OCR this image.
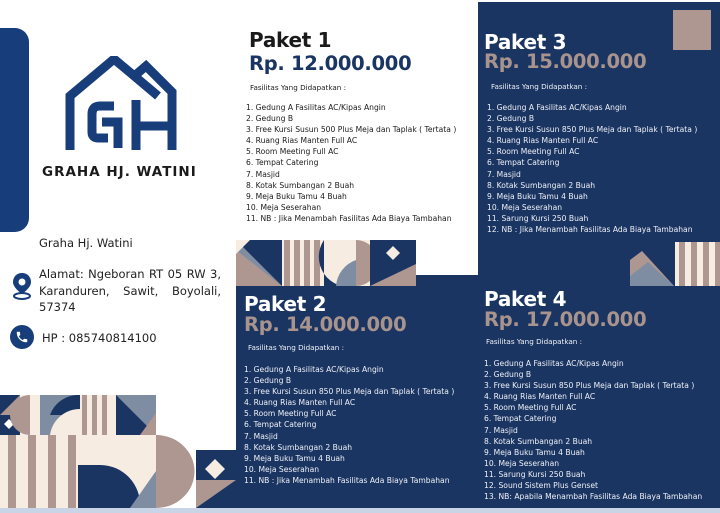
GRAHA HJ. WATINI
Graha Hj. Watini
Alamat: Ngeboran RT 05 RW 3, Karanduren, Sawit, Boyolali, 57374
HP : 085740814100
Paket 1
Rp. 12.000.000
Fasilitas Yang Didapatkan :
1. Gedung A Fasilitas AC/Kipas Angin
2. Gedung B
3. Free Kursi Susun 500 Plus Meja dan Taplak ( Tertata )
4. Ruang Rias Manten Full AC
5. Room Meeting Full AC
6. Tempat Catering
7. Masjid
8. Kotak Sumbangan 2 Buah
9. Meja Buku Tamu 4 Buah
10. Meja Seserahan
11. NB : Jika Menambah Fasilitas Ada Biaya Tambahan
Paket 3
Rp. 15.000.000
Fasilitas Yang Didapatkan :
1. Gedung A Fasilitas AC/Kipas Angin
2. Gedung B
3. Free Kursi Susun 850 Plus Meja dan Taplak ( Tertata )
4. Ruang Rias Manten Full AC
5. Room Meeting Full AC
6. Tempat Catering
7. Masjid
8. Kotak Sumbangan 2 Buah
9. Meja Buku Tamu 4 Buah
10. Meja Seserahan
11. Sarung Kursi 250 Buah
12. NB : Jika Menambah Fasilitas Ada Biaya Tambahan
Paket 2
Rp. 14.000.000
Fasilitas Yang Didapatkan :
1. Gedung A Fasilitas AC/Kipas Angin
2. Gedung B
3. Free Kursi Susun 850 Plus Meja dan Taplak ( Tertata )
4. Ruang Rias Manten Full AC
5. Room Meeting Full AC
6. Tempat Catering
7. Masjid
8. Kotak Sumbangan 2 Buah
9. Meja Buku Tamu 4 Buah
10. Meja Seserahan
11. NB : Jika Menambah Fasilitas Ada Biaya Tambahan
Paket 4
Rp. 17.000.000
Fasilitas Yang Didapatkan :
1. Gedung A Fasilitas AC/Kipas Angin
2. Gedung B
3. Free Kursi Susun 850 Plus Meja dan Taplak ( Tertata )
4. Ruang Rias Manten Full AC
5. Room Meeting Full AC
6. Tempat Catering
7. Masjid
8. Kotak Sumbangan 2 Buah
9. Meja Buku Tamu 4 Buah
10. Meja Seserahan
11. Sarung Kursi 250 Buah
12. Sound Sistem Plus Genset
13. NB: Apabila Menambah Fasilitas Ada Biaya Tambahan
